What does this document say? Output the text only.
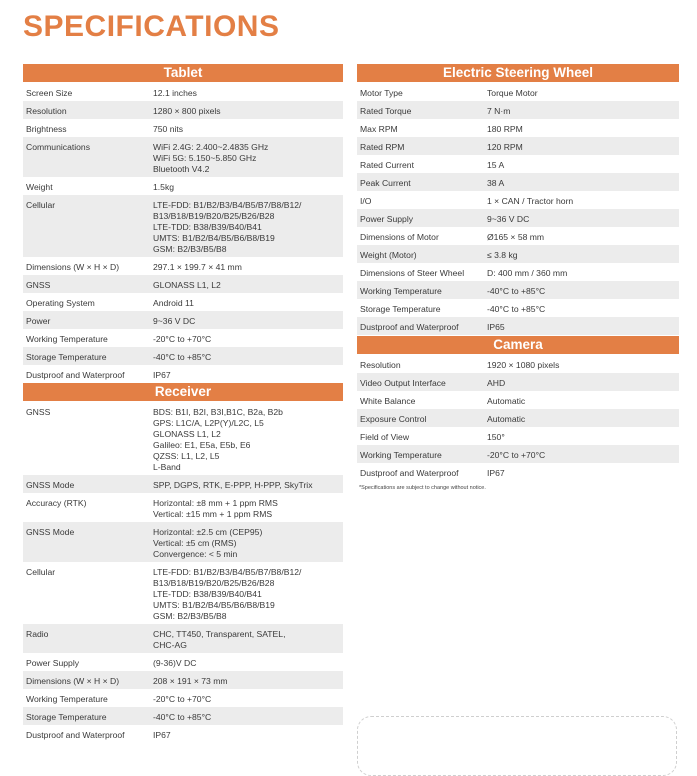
SPECIFICATIONS
Tablet
Screen Size	12.1 inches
Resolution	1280 × 800 pixels
Brightness	750 nits
Communications	WiFi 2.4G: 2.400~2.4835 GHz
WiFi 5G: 5.150~5.850 GHz
Bluetooth V4.2
Weight	1.5kg
Cellular	LTE-FDD: B1/B2/B3/B4/B5/B7/B8/B12/
B13/B18/B19/B20/B25/B26/B28
LTE-TDD: B38/B39/B40/B41
UMTS: B1/B2/B4/B5/B6/B8/B19
GSM: B2/B3/B5/B8
Dimensions (W × H × D)	297.1 × 199.7 × 41 mm
GNSS	GLONASS L1, L2
Operating System	Android 11
Power	9~36 V DC
Working Temperature	-20°C to +70°C
Storage Temperature	-40°C to +85°C
Dustproof and Waterproof	IP67
Receiver
GNSS	BDS: B1I, B2I, B3I,B1C, B2a, B2b
GPS: L1C/A, L2P(Y)/L2C, L5
GLONASS L1, L2
Galileo: E1, E5a, E5b, E6
QZSS: L1, L2, L5
L-Band
GNSS Mode	SPP, DGPS, RTK, E-PPP, H-PPP, SkyTrix
Accuracy (RTK)	Horizontal: ±8 mm + 1 ppm RMS
Vertical: ±15 mm + 1 ppm RMS
GNSS Mode	Horizontal: ±2.5 cm (CEP95)
Vertical: ±5 cm (RMS)
Convergence: < 5 min
Cellular	LTE-FDD: B1/B2/B3/B4/B5/B7/B8/B12/
B13/B18/B19/B20/B25/B26/B28
LTE-TDD: B38/B39/B40/B41
UMTS: B1/B2/B4/B5/B6/B8/B19
GSM: B2/B3/B5/B8
Radio	CHC, TT450, Transparent, SATEL,
CHC-AG
Power Supply	(9-36)V DC
Dimensions (W × H × D)	208 × 191 × 73 mm
Working Temperature	-20°C to +70°C
Storage Temperature	-40°C to +85°C
Dustproof and Waterproof	IP67
Electric Steering Wheel
Motor Type	Torque Motor
Rated Torque	7 N·m
Max RPM	180 RPM
Rated RPM	120 RPM
Rated Current	15 A
Peak Current	38 A
I/O	1 × CAN / Tractor horn
Power Supply	9~36 V DC
Dimensions of Motor	Ø165 × 58 mm
Weight (Motor)	≤ 3.8 kg
Dimensions of Steer Wheel	D: 400 mm / 360 mm
Working Temperature	-40°C to +85°C
Storage Temperature	-40°C to +85°C
Dustproof and Waterproof	IP65
Camera
Resolution	1920 × 1080 pixels
Video Output Interface	AHD
White Balance	Automatic
Exposure Control	Automatic
Field of View	150°
Working Temperature	-20°C to +70°C
Dustproof and Waterproof	IP67
*Specifications are subject to change without notice.
